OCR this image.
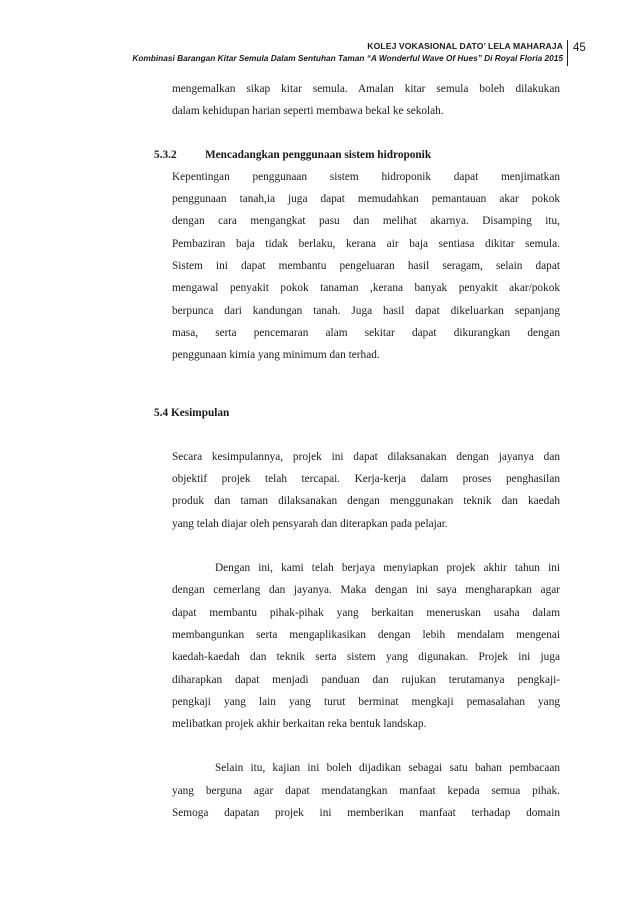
KOLEJ VOKASIONAL DATO’ LELA MAHARAJA
Kombinasi Barangan Kitar Semula Dalam Sentuhan Taman “A Wonderful Wave Of Hues” Di Royal Floria 2015
45
mengemalkan sikap kitar semula. Amalan kitar semula boleh dilakukan
dalam kehidupan harian seperti membawa bekal ke sekolah.
5.3.2	Mencadangkan penggunaan sistem hidroponik
Kepentingan penggunaan sistem hidroponik dapat menjimatkan
penggunaan tanah,ia juga dapat memudahkan pemantauan akar pokok
dengan cara mengangkat pasu dan melihat akarnya. Disamping itu,
Pembaziran baja tidak berlaku, kerana air baja sentiasa dikitar semula.
Sistem ini dapat membantu pengeluaran hasil seragam, selain dapat
mengawal penyakit pokok tanaman ,kerana banyak penyakit akar/pokok
berpunca dari kandungan tanah. Juga hasil dapat dikeluarkan sepanjang
masa, serta pencemaran alam sekitar dapat dikurangkan dengan
penggunaan kimia yang minimum dan terhad.
5.4 Kesimpulan
Secara kesimpulannya, projek ini dapat dilaksanakan dengan jayanya dan
objektif projek telah tercapai. Kerja-kerja dalam proses penghasilan
produk dan taman dilaksanakan dengan menggunakan teknik dan kaedah
yang telah diajar oleh pensyarah dan diterapkan pada pelajar.
Dengan ini, kami telah berjaya menyiapkan projek akhir tahun ini
dengan cemerlang dan jayanya. Maka dengan ini saya mengharapkan agar
dapat membantu pihak-pihak yang berkaitan meneruskan usaha dalam
membangunkan serta mengaplikasikan dengan lebih mendalam mengenai
kaedah-kaedah dan teknik serta sistem yang digunakan. Projek ini juga
diharapkan dapat menjadi panduan dan rujukan terutamanya pengkaji-
pengkaji yang lain yang turut berminat mengkaji pemasalahan yang
melibatkan projek akhir berkaitan reka bentuk landskap.
Selain itu, kajian ini boleh dijadikan sebagai satu bahan pembacaan
yang berguna agar dapat mendatangkan manfaat kepada semua pihak.
Semoga dapatan projek ini memberikan manfaat terhadap domain
